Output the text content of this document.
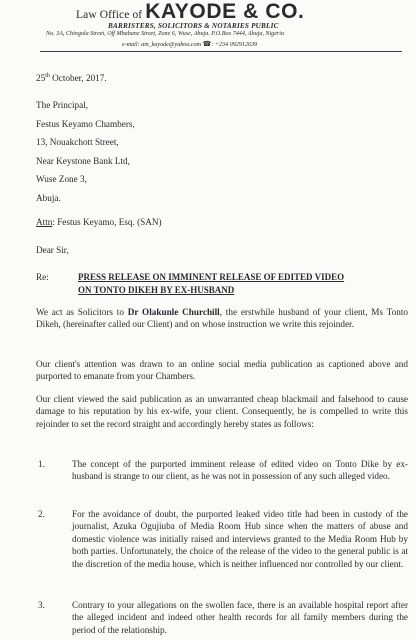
Law Office of KAYODE & CO.
BARRISTERS, SOLICITORS & NOTARIES PUBLIC
No. 3A, Chingola Street, Off Mbabane Street, Zone 6, Wuse, Abuja. P.O.Box 7444, Abuja, Nigeria
e-mail: am_kayode@yahoo.com ☎: +234 092912639
25th October, 2017.
The Principal,
Festus Keyamo Chambers,
13, Nouakchott Street,
Near Keystone Bank Ltd,
Wuse Zone 3,
Abuja.
Attn: Festus Keyamo, Esq. (SAN)
Dear Sir,
Re:	PRESS RELEASE ON IMMINENT RELEASE OF EDITED VIDEO
ON TONTO DIKEH BY EX-HUSBAND
We act as Solicitors to Dr Olakunle Churchill, the erstwhile husband of your client, Ms Tonto Dikeh, (hereinafter called our Client) and on whose instruction we write this rejoinder.
Our client's attention was drawn to an online social media publication as captioned above and purported to emanate from your Chambers.
Our client viewed the said publication as an unwarranted cheap blackmail and falsehood to cause damage to his reputation by his ex-wife, your client. Consequently, he is compelled to write this rejoinder to set the record straight and accordingly hereby states as follows:
1.	The concept of the purported imminent release of edited video on Tonto Dike by ex-husband is strange to our client, as he was not in possession of any such alleged video.
2.	For the avoidance of doubt, the purported leaked video title had been in custody of the journalist, Azuka Ogujiuba of Media Room Hub since when the matters of abuse and domestic violence was initially raised and interviews granted to the Media Room Hub by both parties. Unfortunately, the choice of the release of the video to the general public is at the discretion of the media house, which is neither influenced nor controlled by our client.
3.	Contrary to your allegations on the swollen face, there is an available hospital report after the alleged incident and indeed other health records for all family members during the period of the relationship.
